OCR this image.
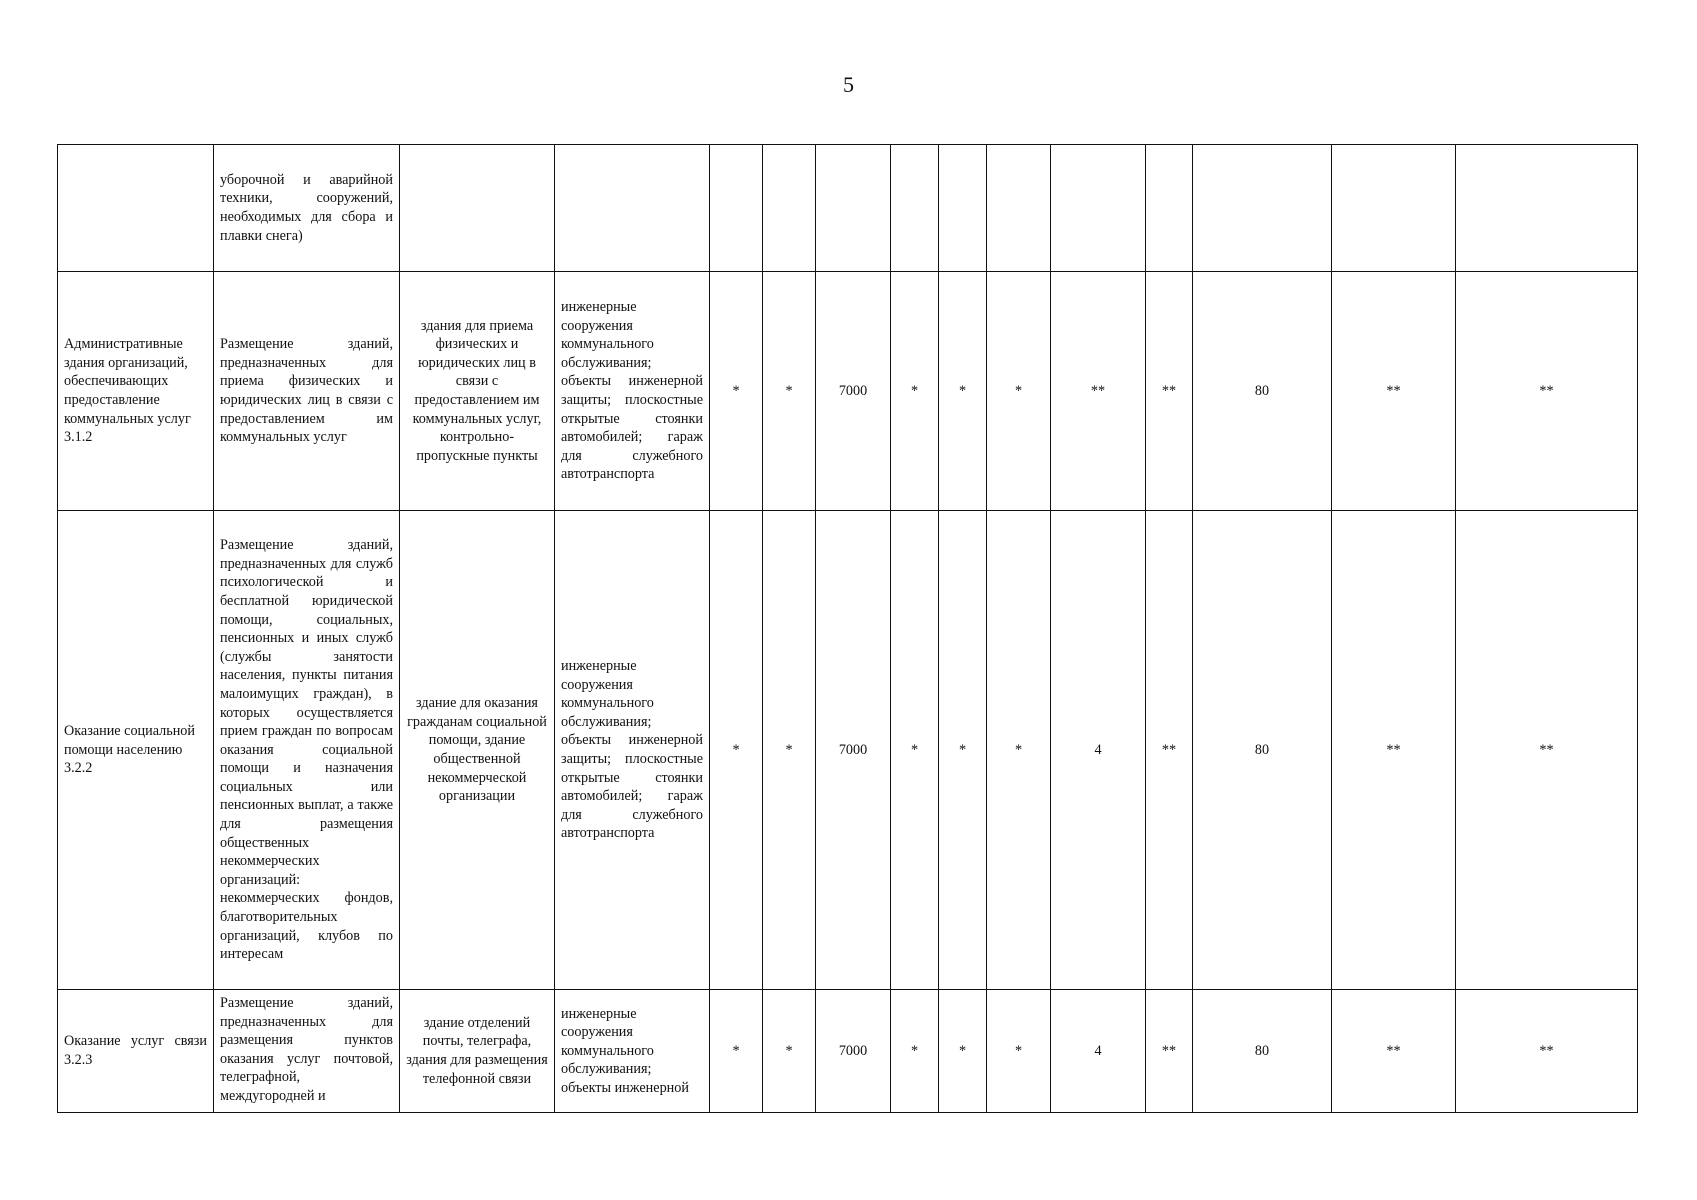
5
	уборочной и аварийной техники, сооружений, необходимых для сбора и плавки снега)													
Административные здания организаций, обеспечивающих предоставление коммунальных услуг 3.1.2	Размещение зданий, предназначенных для приема физических и юридических лиц в связи с предоставлением им коммунальных услуг	здания для приема физических и юридических лиц в связи с предоставлением им коммунальных услуг, контрольно-пропускные пункты	инженерные сооружения коммунального обслуживания; объекты инженерной защиты; плоскостные открытые стоянки автомобилей; гараж для служебного автотранспорта	*	*	7000	*	*	*	**	**	80	**	**
Оказание социальной помощи населению 3.2.2	Размещение зданий, предназначенных для служб психологической и бесплатной юридической помощи, социальных, пенсионных и иных служб (службы занятости населения, пункты питания малоимущих граждан), в которых осуществляется прием граждан по вопросам оказания социальной помощи и назначения социальных или пенсионных выплат, а также для размещения общественных некоммерческих организаций: некоммерческих фондов, благотворительных организаций, клубов по интересам	здание для оказания гражданам социальной помощи, здание общественной некоммерческой организации	инженерные сооружения коммунального обслуживания; объекты инженерной защиты; плоскостные открытые стоянки автомобилей; гараж для служебного автотранспорта	*	*	7000	*	*	*	4	**	80	**	**
Оказание услуг связи 3.2.3	Размещение зданий, предназначенных для размещения пунктов оказания услуг почтовой, телеграфной, междугородней и	здание отделений почты, телеграфа, здания для размещения телефонной связи	инженерные сооружения коммунального обслуживания; объекты инженерной	*	*	7000	*	*	*	4	**	80	**	**
